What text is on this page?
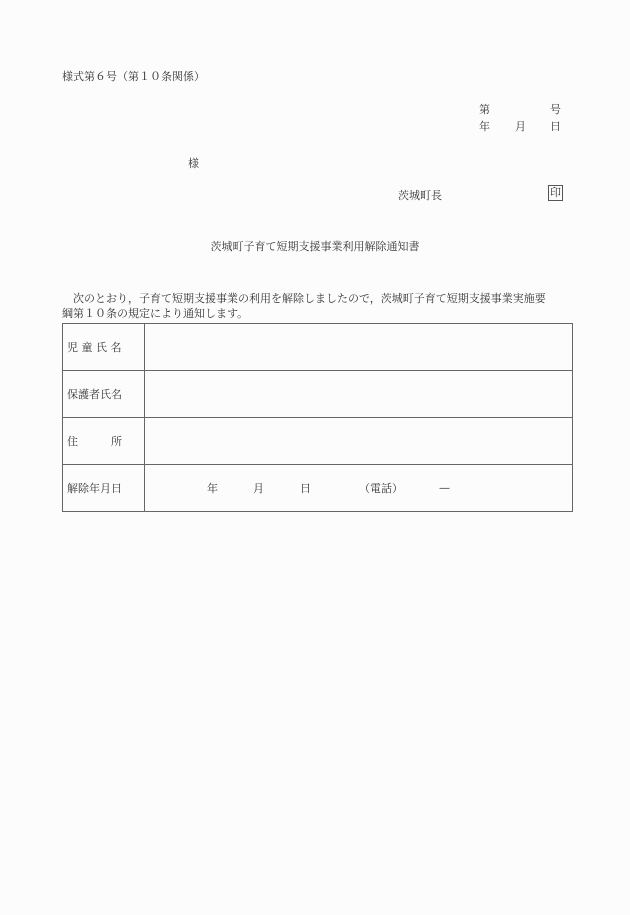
様式第６号（第１０条関係）
第	号
年 月 日
様
茨城町長	印
茨城町子育て短期支援事業利用解除通知書

　次のとおり，子育て短期支援事業の利用を解除しましたので，茨城町子育て短期支援事業実施要

綱第１０条の規定により通知します。

児 童 氏 名	
保護者氏名	
住　　　所	
解除年月日	年 月 日 （電話） —
